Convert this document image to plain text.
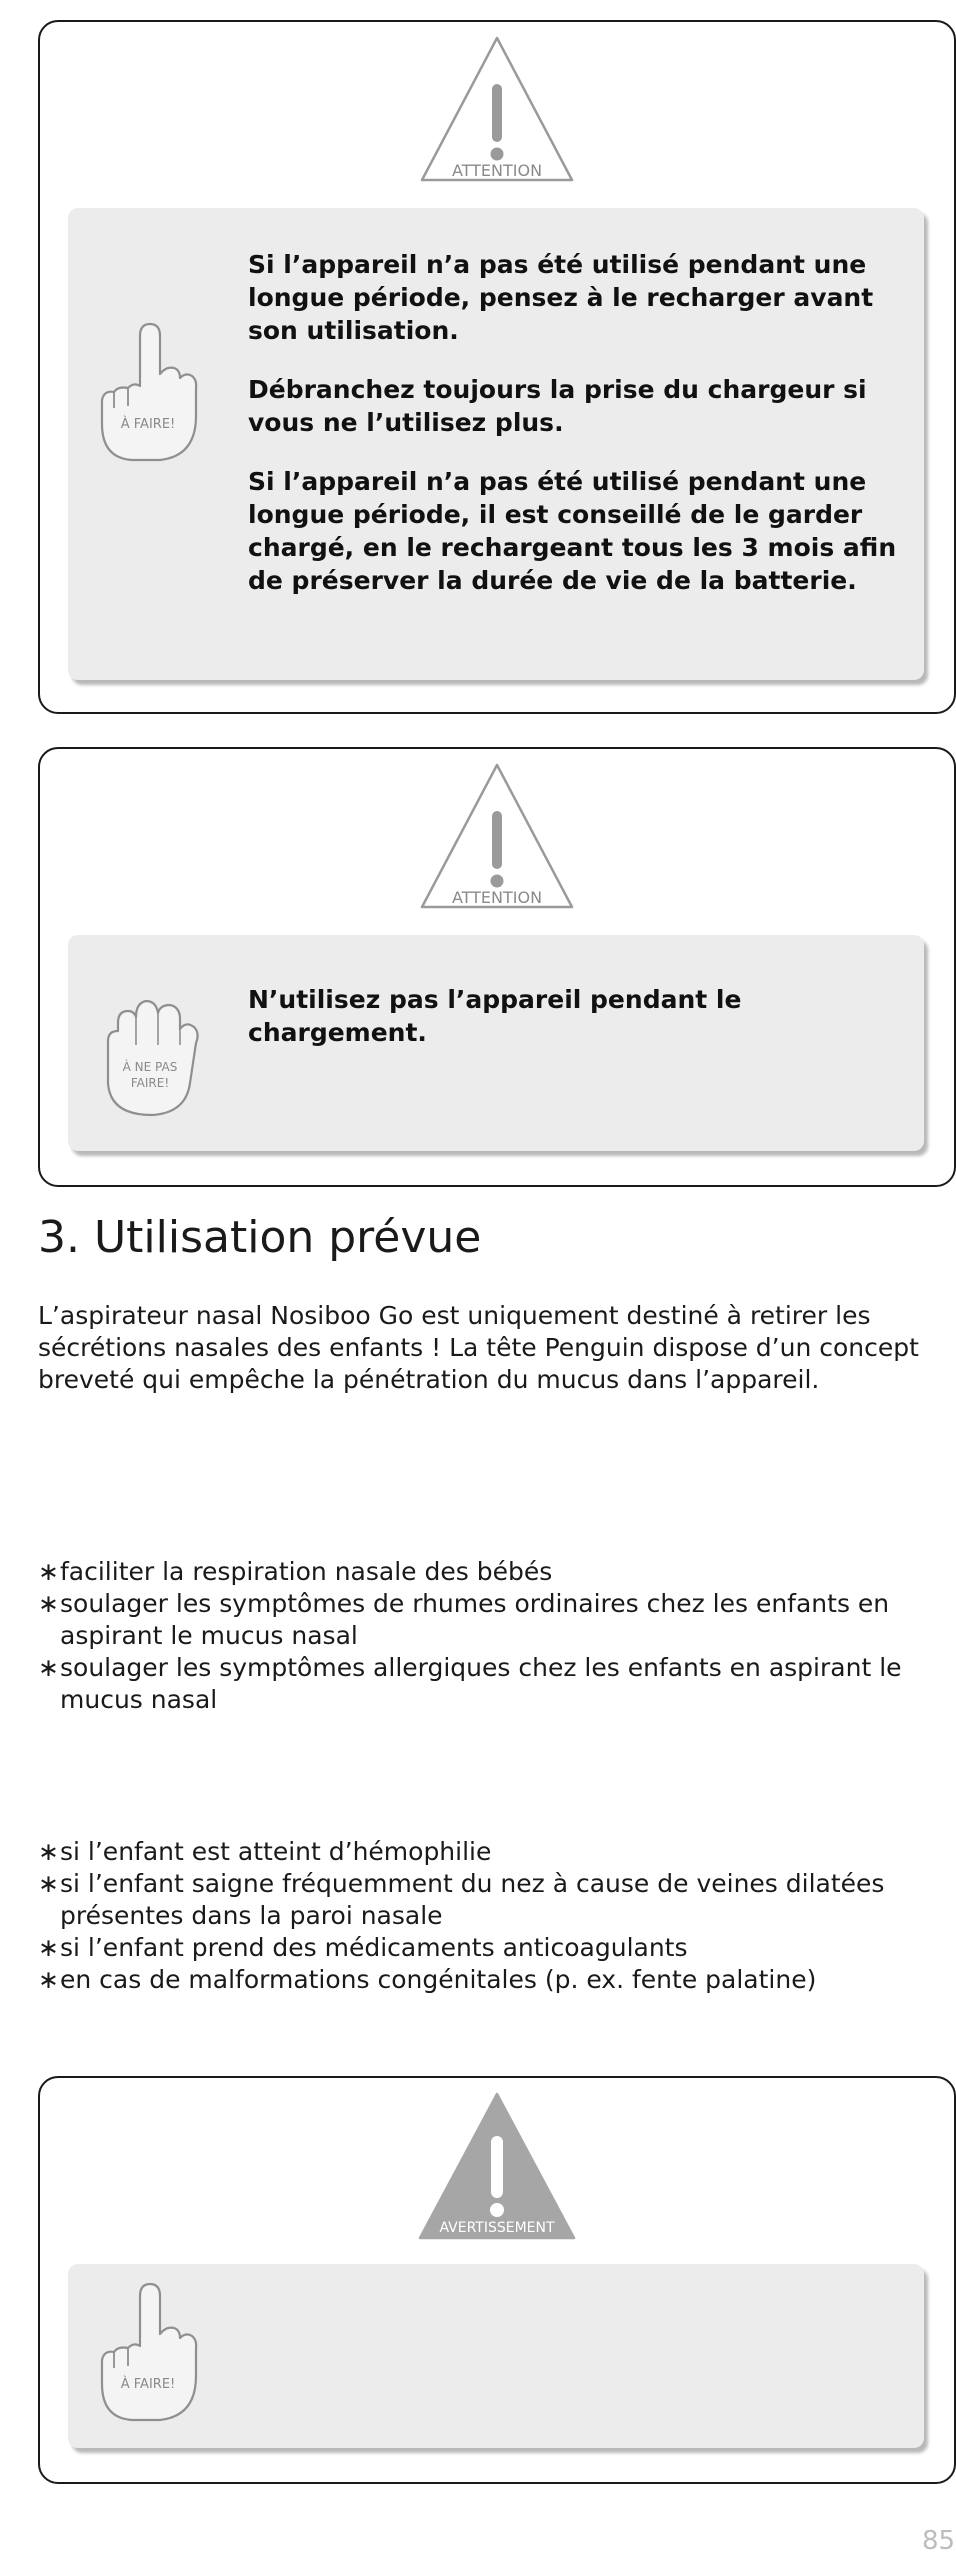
ATTENTION
À FAIRE!

Si l’appareil n’a pas été utilisé pendant une longue période, pensez à le recharger avant son utilisation.

Débranchez toujours la prise du chargeur si vous ne l’utilisez plus.

Si l’appareil n’a pas été utilisé pendant une longue période, il est conseillé de le garder chargé, en le rechargeant tous les 3 mois afin de préserver la durée de vie de la batterie.

ATTENTION
À NE PAS
FAIRE!

N’utilisez pas l’appareil pendant le chargement.

3. Utilisation prévue

L’aspirateur nasal Nosiboo Go est uniquement destiné à retirer les sécrétions nasales des enfants ! La tête Penguin dispose d’un concept breveté qui empêche la pénétration du mucus dans l’appareil.

∗ faciliter la respiration nasale des bébés
∗ soulager les symptômes de rhumes ordinaires chez les enfants en aspirant le mucus nasal
∗ soulager les symptômes allergiques chez les enfants en aspirant le mucus nasal
∗ si l’enfant est atteint d’hémophilie
∗ si l’enfant saigne fréquemment du nez à cause de veines dilatées présentes dans la paroi nasale
∗ si l’enfant prend des médicaments anticoagulants
∗ en cas de malformations congénitales (p. ex. fente palatine)
AVERTISSEMENT
À FAIRE!
85
